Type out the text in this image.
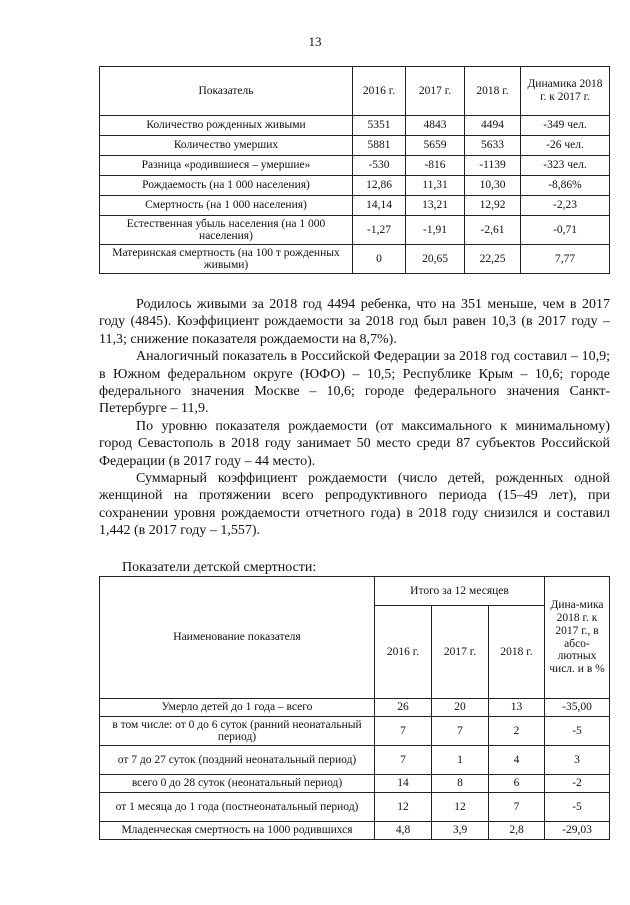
13
Показатель	2016 г.	2017 г.	2018 г.	Динамика 2018 г. к 2017 г.
Количество рожденных живыми	5351	4843	4494	-349 чел.
Количество умерших	5881	5659	5633	-26 чел.
Разница «родившиеся – умершие»	-530	-816	-1139	-323 чел.
Рождаемость (на 1 000 населения)	12,86	11,31	10,30	-8,86%
Смертность (на 1 000 населения)	14,14	13,21	12,92	-2,23
Естественная убыль населения (на 1 000 населения)	-1,27	-1,91	-2,61	-0,71
Материнская смертность (на 100 т рожденных живыми)	0	20,65	22,25	7,77

Родилось живыми за 2018 год 4494 ребенка, что на 351 меньше, чем в 2017 году (4845). Коэффициент рождаемости за 2018 год был равен 10,3 (в 2017 году – 11,3; снижение показателя рождаемости на 8,7%).

Аналогичный показатель в Российской Федерации за 2018 год составил – 10,9; в Южном федеральном округе (ЮФО) – 10,5; Республике Крым – 10,6; городе федерального значения Москве – 10,6; городе федерального значения Санкт-Петербурге – 11,9.

По уровню показателя рождаемости (от максимального к минимальному) город Севастополь в 2018 году занимает 50 место среди 87 субъектов Российской Федерации (в 2017 году – 44 место).

Суммарный коэффициент рождаемости (число детей, рожденных одной женщиной на протяжении всего репродуктивного периода (15–49 лет), при сохранении уровня рождаемости отчетного года) в 2018 году снизился и составил 1,442 (в 2017 году – 1,557).

Показатели детской смертности:
Наименование показателя	Итого за 12 месяцев			Дина-мика 2018 г. к 2017 г., в абсо-лютных числ. и в %
	2016 г.	2017 г.	2018 г.	
Умерло детей до 1 года – всего	26	20	13	-35,00
в том числе: от 0 до 6 суток (ранний неонатальный период)	7	7	2	-5
от 7 до 27 суток (поздний неонатальный период)	7	1	4	3
всего 0 до 28 суток (неонатальный период)	14	8	6	-2
от 1 месяца до 1 года (постнеонатальный период)	12	12	7	-5
Младенческая смертность на 1000 родившихся	4,8	3,9	2,8	-29,03
